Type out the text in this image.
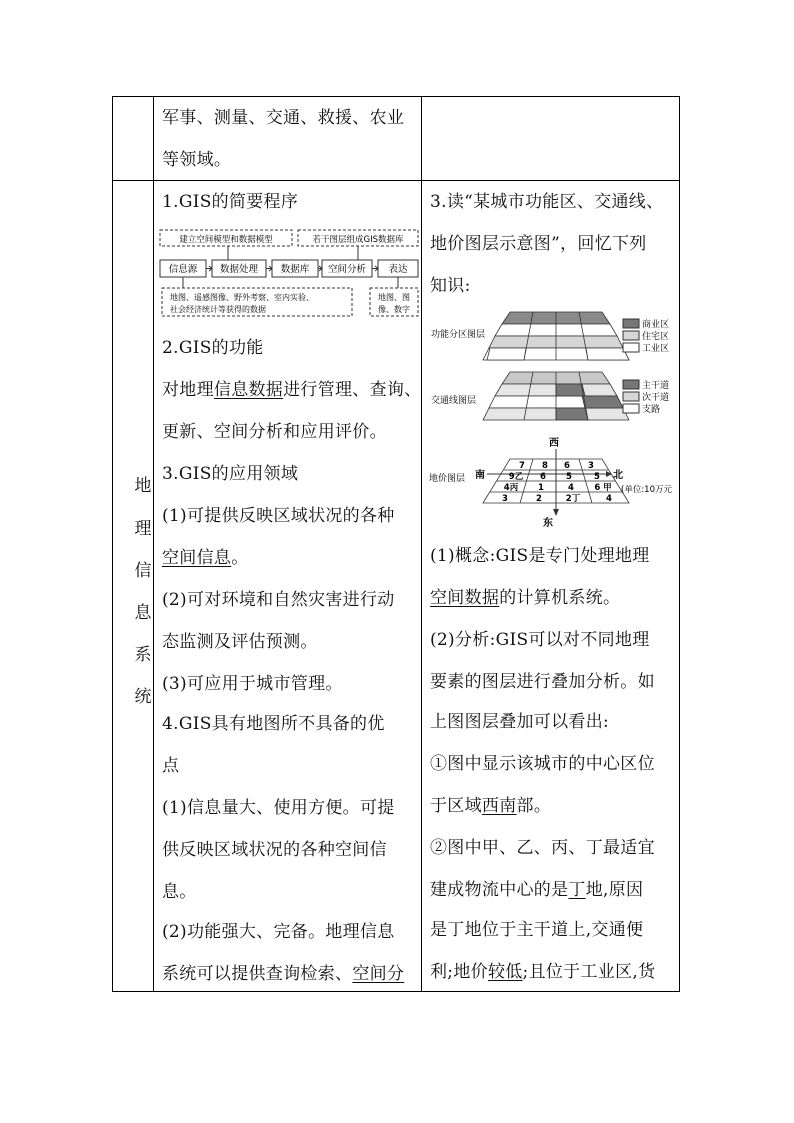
军事、测量、交通、救援、农业
等领域。
地
理
信
息
系
统
1.GIS的简要程序
建立空间模型和数据模型	若干图层组成GIS数据库
信息源 数据处理 数据库 空间分析 表达
地图、遥感图像、野外考察、室内实验、
社会经济统计等获得的数据
地图、图
像、数字
2.GIS的功能
对地理信息数据进行管理、查询、
更新、空间分析和应用评价。
3.GIS的应用领域
(1)可提供反映区域状况的各种
空间信息。
(2)可对环境和自然灾害进行动
态监测及评估预测。
(3)可应用于城市管理。
4.GIS具有地图所不具备的优
点
(1)信息量大、使用方便。可提
供反映区域状况的各种空间信
息。
(2)功能强大、完备。地理信息
系统可以提供查询检索、空间分
3.读“某城市功能区、交通线、
地价图层示意图”，回忆下列
知识:
功能分区图层
商业区
住宅区
工业区
交通线图层
主干道
次干道
支路
地价图层
西
东
南	北
(单位:10万元
7 8 6 3
9乙 6 5	5
4丙 1	4 6 甲
3	2	2丁	4
(1)概念:GIS是专门处理地理
空间数据的计算机系统。
(2)分析:GIS可以对不同地理
要素的图层进行叠加分析。如
上图图层叠加可以看出:
①图中显示该城市的中心区位
于区域西南部。
②图中甲、乙、丙、丁最适宜
建成物流中心的是丁地,原因
是丁地位于主干道上,交通便
利;地价较低;且位于工业区,货
